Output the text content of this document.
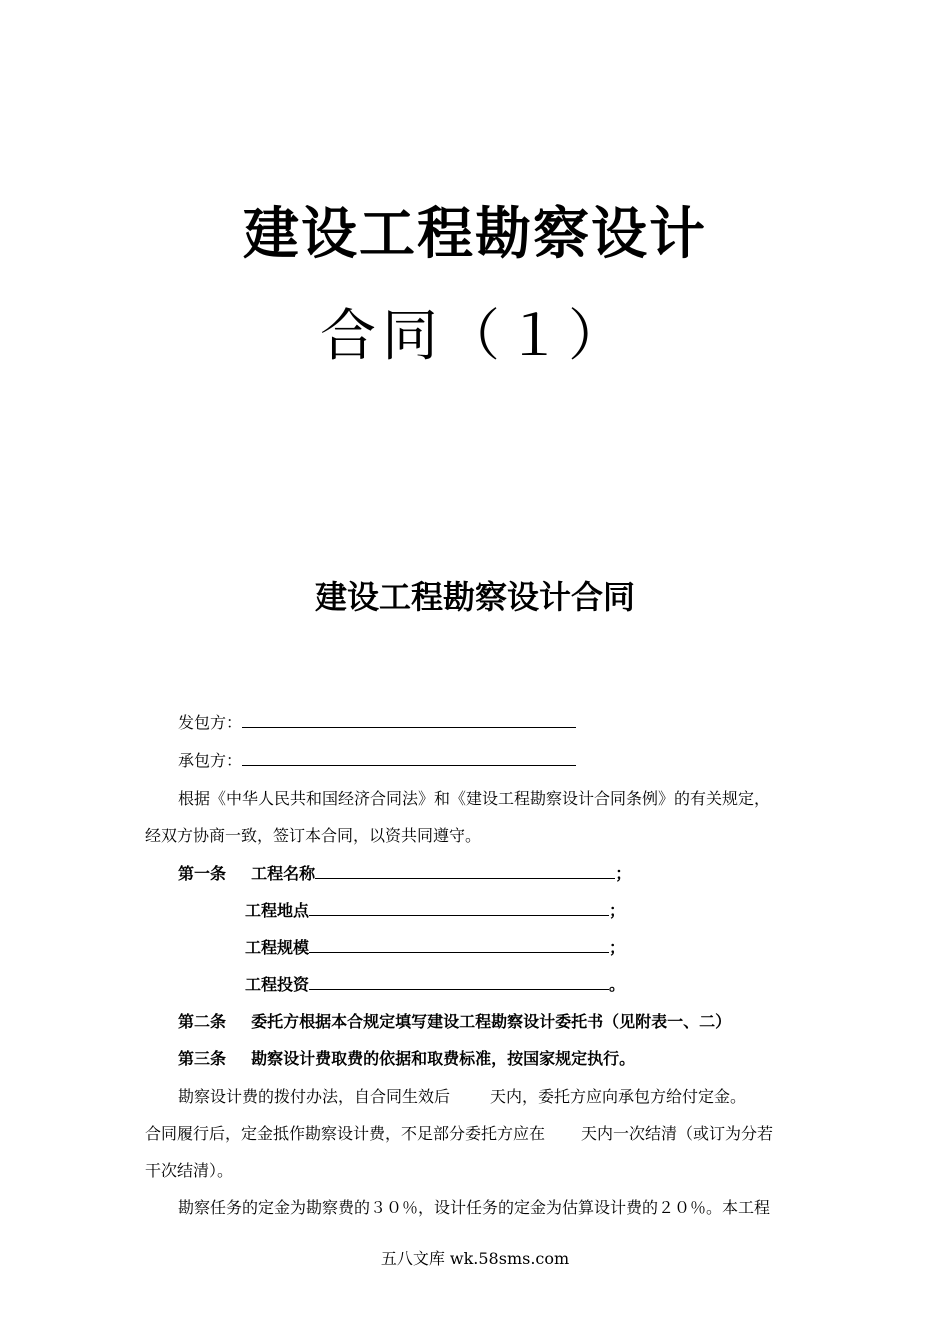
建设工程勘察设计
合同（１）
建设工程勘察设计合同
发包方：
承包方：
根据《中华人民共和国经济合同法》和《建设工程勘察设计合同条例》的有关规定，
经双方协商一致，签订本合同，以资共同遵守。
第一条 工程名称	；
工程地点	；
工程规模	；
工程投资	。
第二条 委托方根据本合规定填写建设工程勘察设计委托书（见附表一、二）
第三条 勘察设计费取费的依据和取费标准，按国家规定执行。
勘察设计费的拨付办法，自合同生效后	天内，委托方应向承包方给付定金。
合同履行后，定金抵作勘察设计费，不足部分委托方应在 天内一次结清（或订为分若
干次结清）。
勘察任务的定金为勘察费的３０％，设计任务的定金为估算设计费的２０％。本工程
五八文库 wk.58sms.com
